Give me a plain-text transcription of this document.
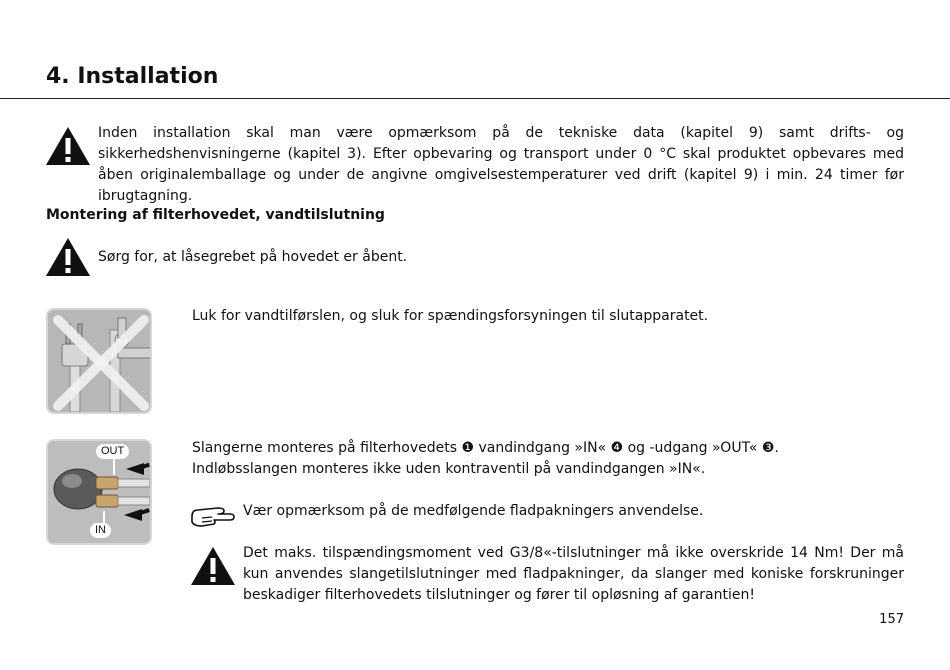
4. Installation

Inden installation skal man være opmærksom på de tekniske data (kapitel 9) samt drifts- og sikkerhedshenvisningerne (kapitel 3). Efter opbevaring og transport under 0 °C skal produktet opbevares med åben originalemballage og under de angivne omgivelsestemperaturer ved drift (kapitel 9) i min. 24 timer før ibrugtagning.

Montering af filterhovedet, vandtilslutning

Sørg for, at låsegrebet på hovedet er åbent.

Luk for vandtilførslen, og sluk for spændingsforsyningen til slutapparatet.

OUT
IN

Slangerne monteres på filterhovedets ❶ vandindgang »IN« ❹ og -udgang »OUT« ❸.

Indløbsslangen monteres ikke uden kontraventil på vandindgangen »IN«.

Vær opmærksom på de medfølgende fladpakningers anvendelse.

Det maks. tilspændingsmoment ved G3/8«-tilslutninger må ikke overskride 14 Nm! Der må kun anvendes slangetilslutninger med fladpakninger, da slanger med koniske forskruninger beskadiger filterhovedets tilslutninger og fører til opløsning af garantien!

157
